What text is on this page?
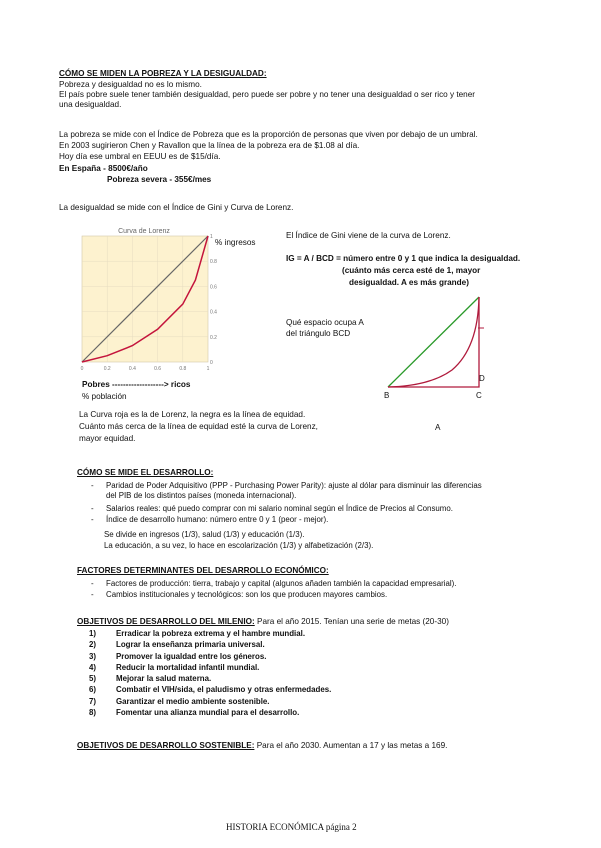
CÓMO SE MIDEN LA POBREZA Y LA DESIGUALDAD:
Pobreza y desigualdad no es lo mismo.
El país pobre suele tener también desigualdad, pero puede ser pobre y no tener una desigualdad o ser rico y tener
una desigualdad.
La pobreza se mide con el Índice de Pobreza que es la proporción de personas que viven por debajo de un umbral.
En 2003 sugirieron Chen y Ravallon que la línea de la pobreza era de $1.08 al día.
Hoy día ese umbral en EEUU es de $15/día.
En España - 8500€/año
Pobreza severa - 355€/mes
La desigualdad se mide con el Índice de Gini y Curva de Lorenz.
Curva de Lorenz
0	0.2	0.4	0.6	0.8	1
0
0.2
0.4
0.6
0.8
1
% ingresos
Pobres -------------------> ricos
% población
La Curva roja es la de Lorenz, la negra es la línea de equidad.
Cuánto más cerca de la línea de equidad esté la curva de Lorenz,
mayor equidad.
El Índice de Gini viene de la curva de Lorenz.
IG = A / BCD = número entre 0 y 1 que indica la desigualdad.
(cuánto más cerca esté de 1, mayor
desigualdad. A es más grande)
Qué espacio ocupa A
del triángulo BCD
B	C
D
A
CÓMO SE MIDE EL DESARROLLO:
- Paridad de Poder Adquisitivo (PPP - Purchasing Power Parity): ajuste al dólar para disminuir las diferencias
del PIB de los distintos países (moneda internacional).
- Salarios reales: qué puedo comprar con mi salario nominal según el Índice de Precios al Consumo.
- Índice de desarrollo humano: número entre 0 y 1 (peor - mejor).
Se divide en ingresos (1/3), salud (1/3) y educación (1/3).
La educación, a su vez, lo hace en escolarización (1/3) y alfabetización (2/3).
FACTORES DETERMINANTES DEL DESARROLLO ECONÓMICO:
- Factores de producción: tierra, trabajo y capital (algunos añaden también la capacidad empresarial).
- Cambios institucionales y tecnológicos: son los que producen mayores cambios.
OBJETIVOS DE DESARROLLO DEL MILENIO: Para el año 2015. Tenían una serie de metas (20-30)
1)	Erradicar la pobreza extrema y el hambre mundial.
2)	Lograr la enseñanza primaria universal.
3)	Promover la igualdad entre los géneros.
4)	Reducir la mortalidad infantil mundial.
5)	Mejorar la salud materna.
6)	Combatir el VIH/sida, el paludismo y otras enfermedades.
7)	Garantizar el medio ambiente sostenible.
8)	Fomentar una alianza mundial para el desarrollo.
OBJETIVOS DE DESARROLLO SOSTENIBLE: Para el año 2030. Aumentan a 17 y las metas a 169.
HISTORIA ECONÓMICA página 2
